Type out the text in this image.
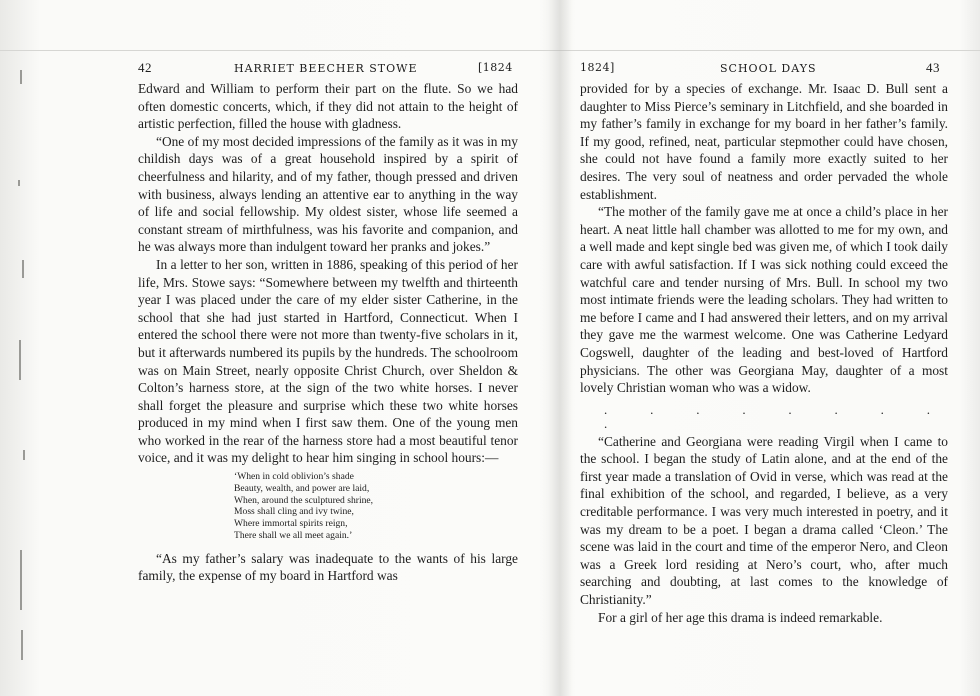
42	HARRIET BEECHER STOWE	[1824

Edward and William to perform their part on the flute. So we had often domestic concerts, which, if they did not attain to the height of artistic perfection, filled the house with gladness.

“One of my most decided impressions of the family as it was in my childish days was of a great household inspired by a spirit of cheerfulness and hilarity, and of my father, though pressed and driven with business, always lending an attentive ear to anything in the way of life and social fellowship. My oldest sister, whose life seemed a constant stream of mirthfulness, was his favorite and companion, and he was always more than indulgent toward her pranks and jokes.”

In a letter to her son, written in 1886, speaking of this period of her life, Mrs. Stowe says: “Somewhere between my twelfth and thirteenth year I was placed under the care of my elder sister Catherine, in the school that she had just started in Hartford, Connecticut. When I entered the school there were not more than twenty-five scholars in it, but it afterwards numbered its pupils by the hundreds. The schoolroom was on Main Street, nearly opposite Christ Church, over Sheldon & Colton’s harness store, at the sign of the two white horses. I never shall forget the pleasure and surprise which these two white horses produced in my mind when I first saw them. One of the young men who worked in the rear of the harness store had a most beautiful tenor voice, and it was my delight to hear him singing in school hours:—

‘When in cold oblivion’s shade
Beauty, wealth, and power are laid,
When, around the sculptured shrine,
Moss shall cling and ivy twine,
Where immortal spirits reign,
There shall we all meet again.’

“As my father’s salary was inadequate to the wants of his large family, the expense of my board in Hartford was

1824]	SCHOOL DAYS	43

provided for by a species of exchange. Mr. Isaac D. Bull sent a daughter to Miss Pierce’s seminary in Litchfield, and she boarded in my father’s family in exchange for my board in her father’s family. If my good, refined, neat, particular stepmother could have chosen, she could not have found a family more exactly suited to her desires. The very soul of neatness and order pervaded the whole establishment.

“The mother of the family gave me at once a child’s place in her heart. A neat little hall chamber was allotted to me for my own, and a well made and kept single bed was given me, of which I took daily care with awful satisfaction. If I was sick nothing could exceed the watchful care and tender nursing of Mrs. Bull. In school my two most intimate friends were the leading scholars. They had written to me before I came and I had answered their letters, and on my arrival they gave me the warmest welcome. One was Catherine Ledyard Cogswell, daughter of the leading and best-loved of Hartford physicians. The other was Georgiana May, daughter of a most lovely Christian woman who was a widow.

. . . . . . . . .

“Catherine and Georgiana were reading Virgil when I came to the school. I began the study of Latin alone, and at the end of the first year made a translation of Ovid in verse, which was read at the final exhibition of the school, and regarded, I believe, as a very creditable performance. I was very much interested in poetry, and it was my dream to be a poet. I began a drama called ‘Cleon.’ The scene was laid in the court and time of the emperor Nero, and Cleon was a Greek lord residing at Nero’s court, who, after much searching and doubting, at last comes to the knowledge of Christianity.”

For a girl of her age this drama is indeed remarkable.
